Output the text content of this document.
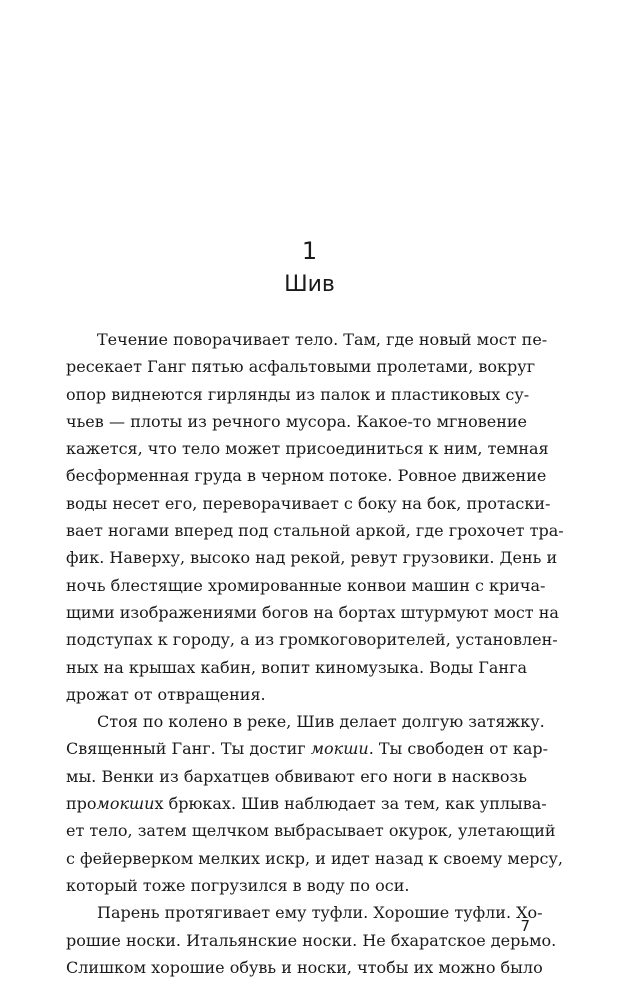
1
Шив
Течение поворачивает тело. Там, где новый мост пе-
ресекает Ганг пятью асфальтовыми пролетами, вокруг
опор виднеются гирлянды из палок и пластиковых су-
чьев — плоты из речного мусора. Какое-то мгновение
кажется, что тело может присоединиться к ним, темная
бесформенная груда в черном потоке. Ровное движение
воды несет его, переворачивает с боку на бок, протаски-
вает ногами вперед под стальной аркой, где грохочет тра-
фик. Наверху, высоко над рекой, ревут грузовики. День и
ночь блестящие хромированные конвои машин с крича-
щими изображениями богов на бортах штурмуют мост на
подступах к городу, а из громкоговорителей, установлен-
ных на крышах кабин, вопит киномузыка. Воды Ганга
дрожат от отвращения.
Стоя по колено в реке, Шив делает долгую затяжку.
Священный Ганг. Ты достиг мокши. Ты свободен от кар-
мы. Венки из бархатцев обвивают его ноги в насквозь
промокших брюках. Шив наблюдает за тем, как уплыва-
ет тело, затем щелчком выбрасывает окурок, улетающий
с фейерверком мелких искр, и идет назад к своему мерсу,
который тоже погрузился в воду по оси.
Парень протягивает ему туфли. Хорошие туфли. Хо-
рошие носки. Итальянские носки. Не бхаратское дерьмо.
Слишком хорошие обувь и носки, чтобы их можно было
7
